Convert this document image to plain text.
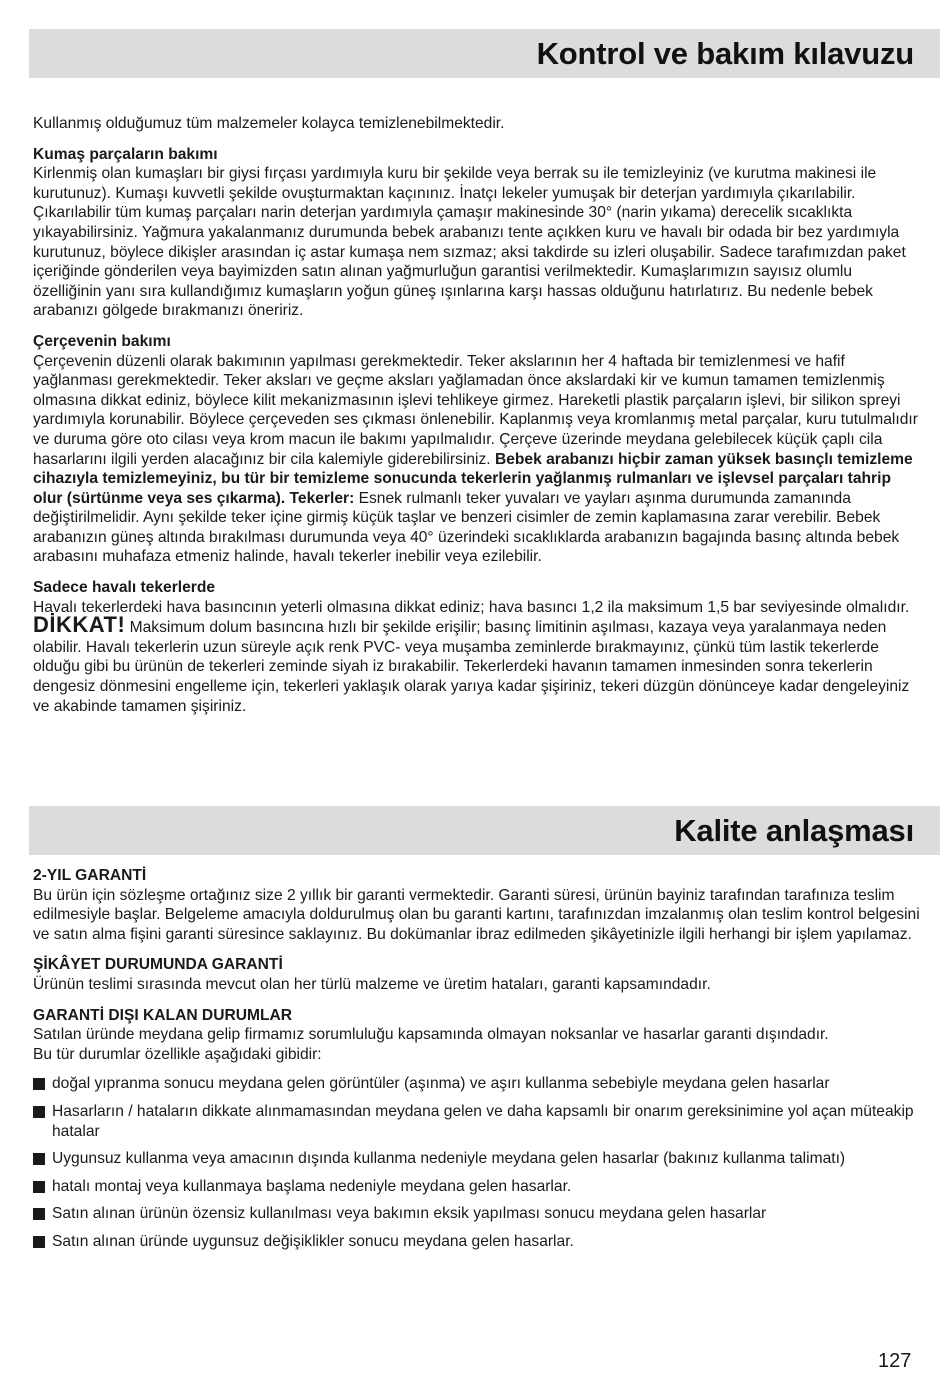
Kontrol ve bakım kılavuzu

Kullanmış olduğumuz tüm malzemeler kolayca temizlenebilmektedir.

Kumaş parçaların bakımı

Kirlenmiş olan kumaşları bir giysi fırçası yardımıyla kuru bir şekilde veya berrak su ile temizleyiniz (ve kurutma makinesi ile kurutunuz). Kumaşı kuvvetli şekilde ovuşturmaktan kaçınınız. İnatçı lekeler yumuşak bir deterjan yardımıyla çıkarılabilir. Çıkarılabilir tüm kumaş parçaları narin deterjan yardımıyla çamaşır makinesinde 30° (narin yıkama) derecelik sıcaklıkta yıkayabilirsiniz. Yağmura yakalanmanız durumunda bebek arabanızı tente açıkken kuru ve havalı bir odada bir bez yardımıyla kurutunuz, böylece dikişler arasından iç astar kumaşa nem sızmaz; aksi takdirde su izleri oluşabilir. Sadece tarafımızdan paket içeriğinde gönderilen veya bayimizden satın alınan yağmurluğun garantisi verilmektedir. Kumaşlarımızın sayısız olumlu özelliğinin yanı sıra kullandığımız kumaşların yoğun güneş ışınlarına karşı hassas olduğunu hatırlatırız. Bu nedenle bebek arabanızı gölgede bırakmanızı öneririz.

Çerçevenin bakımı

Çerçevenin düzenli olarak bakımının yapılması gerekmektedir. Teker akslarının her 4 haftada bir temizlenmesi ve hafif yağlanması gerekmektedir. Teker aksları ve geçme aksları yağlamadan önce akslardaki kir ve kumun tamamen temizlenmiş olmasına dikkat ediniz, böylece kilit mekanizmasının işlevi tehlikeye girmez. Hareketli plastik parçaların işlevi, bir silikon spreyi yardımıyla korunabilir. Böylece çerçeveden ses çıkması önlenebilir. Kaplanmış veya kromlanmış metal parçalar, kuru tutulmalıdır ve duruma göre oto cilası veya krom macun ile bakımı yapılmalıdır. Çerçeve üzerinde meydana gelebilecek küçük çaplı cila hasarlarını ilgili yerden alacağınız bir cila kalemiyle giderebilirsiniz. Bebek arabanızı hiçbir zaman yüksek basınçlı temizleme cihazıyla temizlemeyiniz, bu tür bir temizleme sonucunda tekerlerin yağlanmış rulmanları ve işlevsel parçaları tahrip olur (sürtünme veya ses çıkarma). Tekerler: Esnek rulmanlı teker yuvaları ve yayları aşınma durumunda zamanında değiştirilmelidir. Aynı şekilde teker içine girmiş küçük taşlar ve benzeri cisimler de zemin kaplamasına zarar verebilir. Bebek arabanızın güneş altında bırakılması durumunda veya 40° üzerindeki sıcaklıklarda arabanızın bagajında basınç altında bebek arabasını muhafaza etmeniz halinde, havalı tekerler inebilir veya ezilebilir.

Sadece havalı tekerlerde

Havalı tekerlerdeki hava basıncının yeterli olmasına dikkat ediniz; hava basıncı 1,2 ila maksimum 1,5 bar seviyesinde olmalıdır.

DİKKAT! Maksimum dolum basıncına hızlı bir şekilde erişilir; basınç limitinin aşılması, kazaya veya yaralanmaya neden olabilir. Havalı tekerlerin uzun süreyle açık renk PVC- veya muşamba zeminlerde bırakmayınız, çünkü tüm lastik tekerlerde olduğu gibi bu ürünün de tekerleri zeminde siyah iz bırakabilir. Tekerlerdeki havanın tamamen inmesinden sonra tekerlerin dengesiz dönmesini engelleme için, tekerleri yaklaşık olarak yarıya kadar şişiriniz, tekeri düzgün dönünceye kadar dengeleyiniz ve akabinde tamamen şişiriniz.

Kalite anlaşması

2-YIL GARANTİ

Bu ürün için sözleşme ortağınız size 2 yıllık bir garanti vermektedir. Garanti süresi, ürünün bayiniz tarafından tarafınıza teslim edilmesiyle başlar. Belgeleme amacıyla doldurulmuş olan bu garanti kartını, tarafınızdan imzalanmış olan teslim kontrol belgesini ve satın alma fişini garanti süresince saklayınız. Bu dokümanlar ibraz edilmeden şikâyetinizle ilgili herhangi bir işlem yapılamaz.

ŞİKÂYET DURUMUNDA GARANTİ

Ürünün teslimi sırasında mevcut olan her türlü malzeme ve üretim hataları, garanti kapsamındadır.

GARANTİ DIŞI KALAN DURUMLAR

Satılan üründe meydana gelip firmamız sorumluluğu kapsamında olmayan noksanlar ve hasarlar garanti dışındadır.

Bu tür durumlar özellikle aşağıdaki gibidir:

doğal yıpranma sonucu meydana gelen görüntüler (aşınma) ve aşırı kullanma sebebiyle meydana gelen hasarlar
Hasarların / hataların dikkate alınmamasından meydana gelen ve daha kapsamlı bir onarım gereksinimine yol açan müteakip hatalar
Uygunsuz kullanma veya amacının dışında kullanma nedeniyle meydana gelen hasarlar (bakınız kullanma talimatı)
hatalı montaj veya kullanmaya başlama nedeniyle meydana gelen hasarlar.
Satın alınan ürünün özensiz kullanılması veya bakımın eksik yapılması sonucu meydana gelen hasarlar
Satın alınan üründe uygunsuz değişiklikler sonucu meydana gelen hasarlar.
127
